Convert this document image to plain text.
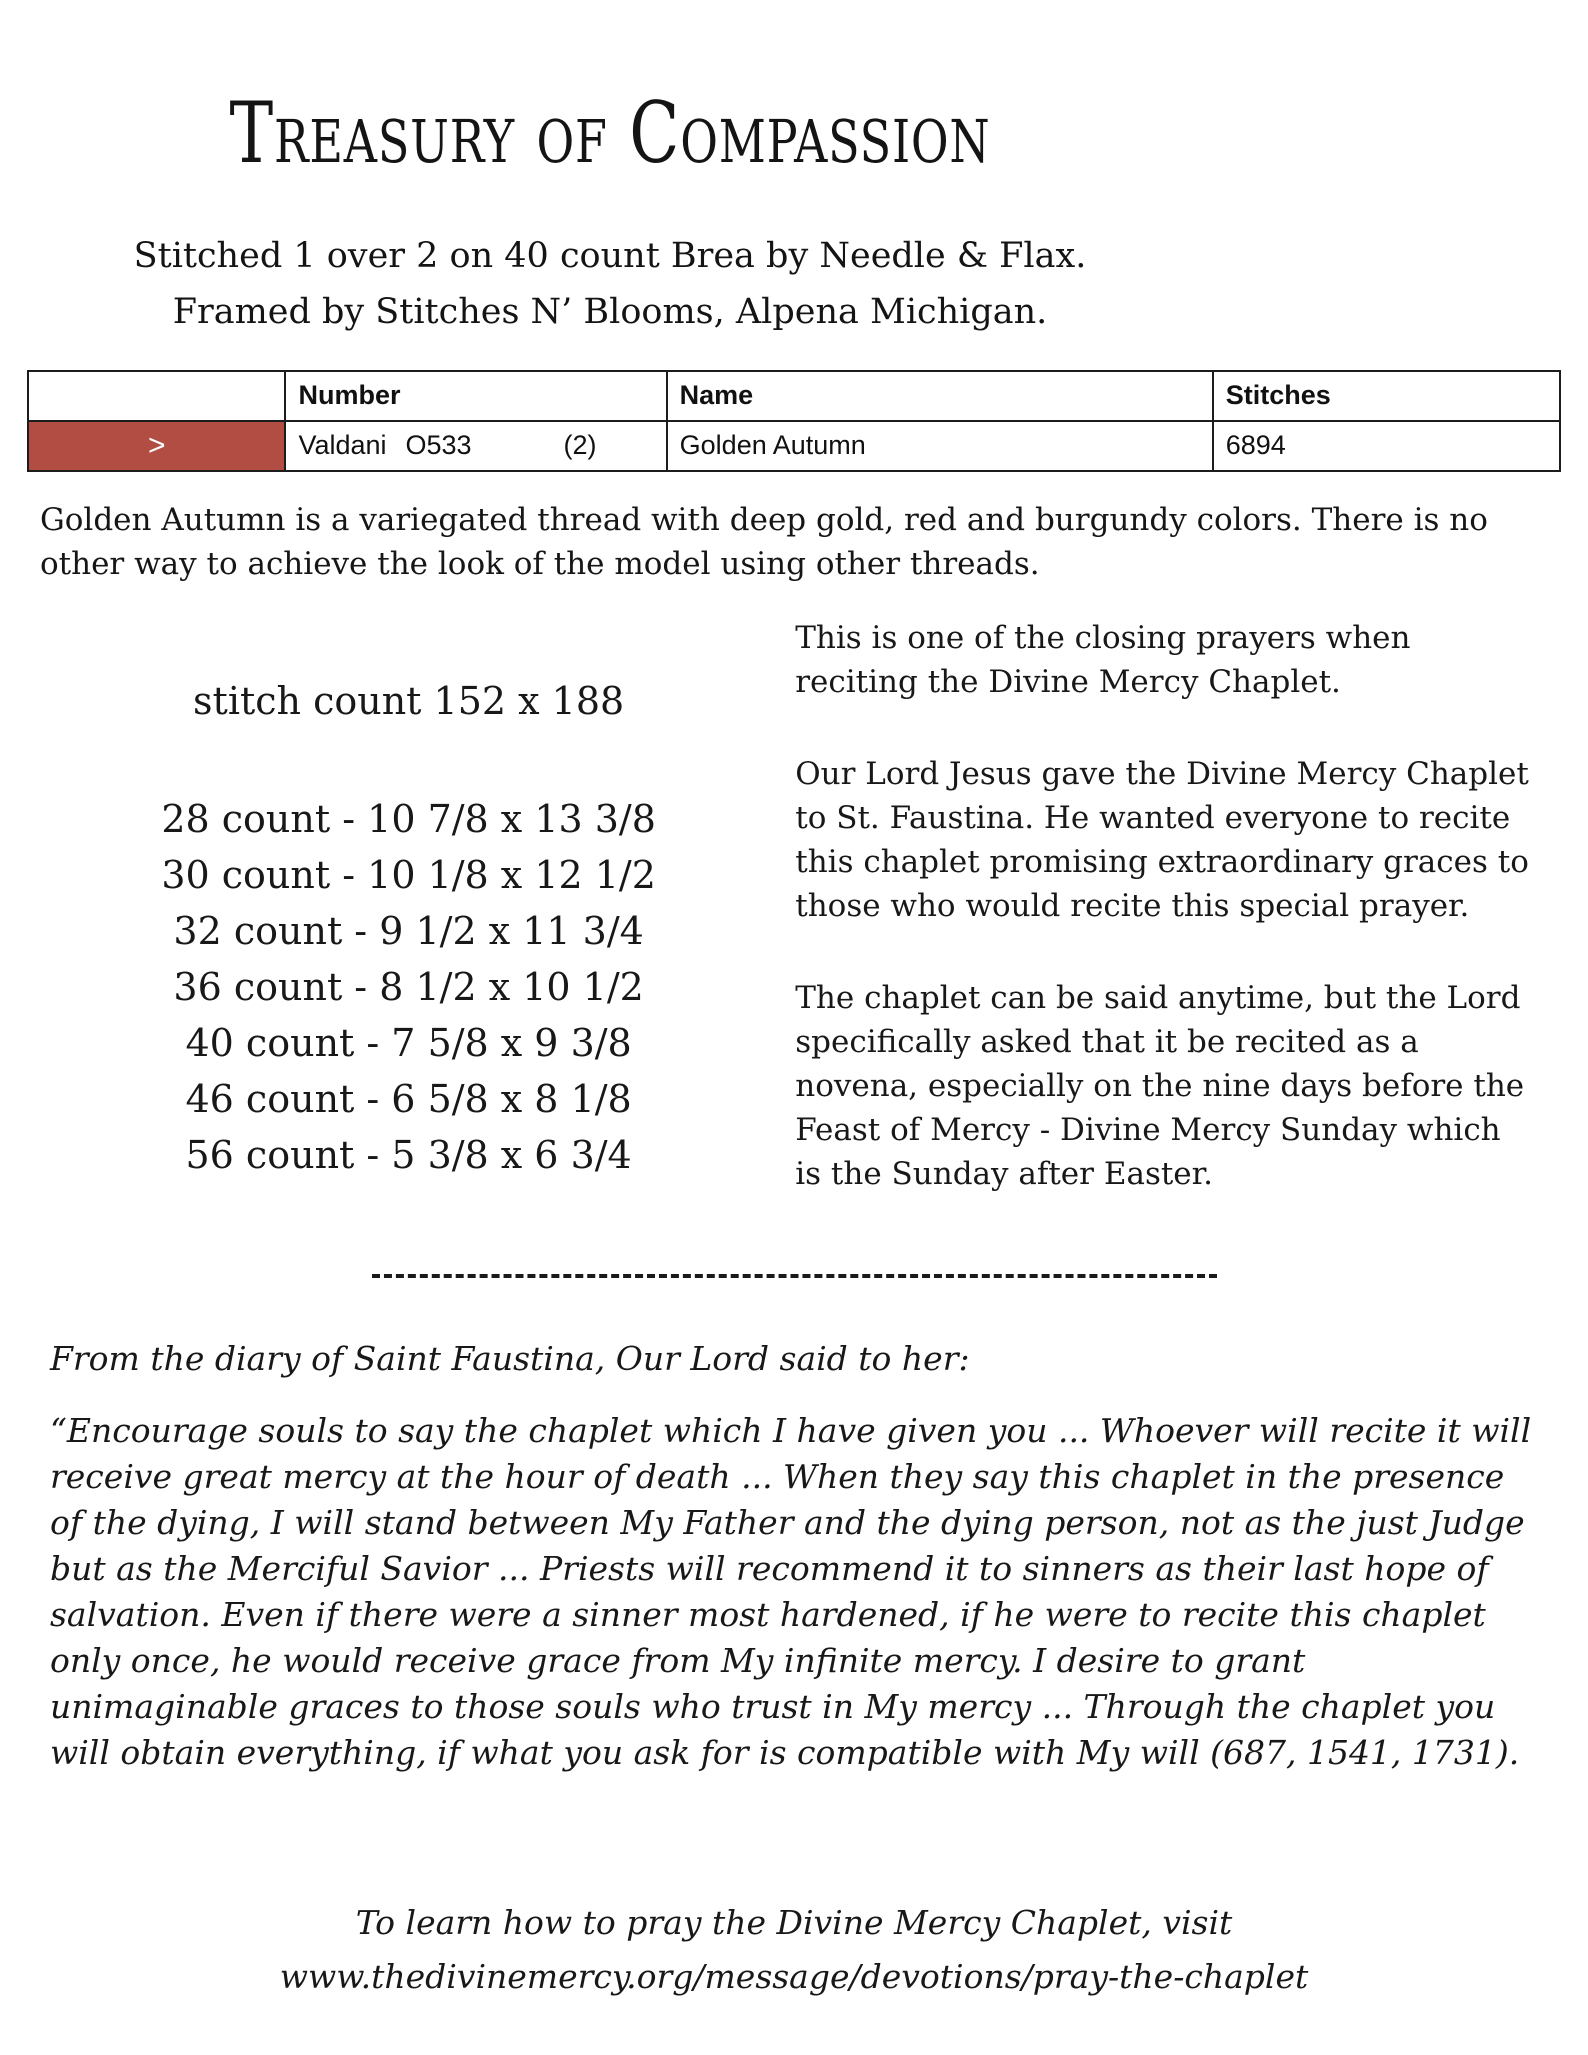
Treasury of Compassion
Stitched 1 over 2 on 40 count Brea by Needle & Flax.
Framed by Stitches N’ Blooms, Alpena Michigan.
	Number	Name	Stitches
>	Valdani O533 (2)	Golden Autumn	6894

Golden Autumn is a variegated thread with deep gold, red and burgundy colors. There is no other way to achieve the look of the model using other threads.

stitch count 152 x 188
28 count - 10 7/8 x 13 3/8
30 count - 10 1/8 x 12 1/2
32 count - 9 1/2 x 11 3/4
36 count - 8 1/2 x 10 1/2
40 count - 7 5/8 x 9 3/8
46 count - 6 5/8 x 8 1/8
56 count - 5 3/8 x 6 3/4

This is one of the closing prayers when reciting the Divine Mercy Chaplet.

Our Lord Jesus gave the Divine Mercy Chaplet to St. Faustina. He wanted everyone to recite this chaplet promising extraordinary graces to those who would recite this special prayer.

The chaplet can be said anytime, but the Lord specifically asked that it be recited as a novena, especially on the nine days before the Feast of Mercy - Divine Mercy Sunday which is the Sunday after Easter.

From the diary of Saint Faustina, Our Lord said to her:

“Encourage souls to say the chaplet which I have given you ... Whoever will recite it will receive great mercy at the hour of death ... When they say this chaplet in the presence of the dying, I will stand between My Father and the dying person, not as the just Judge but as the Merciful Savior ... Priests will recommend it to sinners as their last hope of salvation. Even if there were a sinner most hardened, if he were to recite this chaplet only once, he would receive grace from My infinite mercy. I desire to grant unimaginable graces to those souls who trust in My mercy ... Through the chaplet you will obtain everything, if what you ask for is compatible with My will (687, 1541, 1731).

To learn how to pray the Divine Mercy Chaplet, visit
www.thedivinemercy.org/message/devotions/pray-the-chaplet
